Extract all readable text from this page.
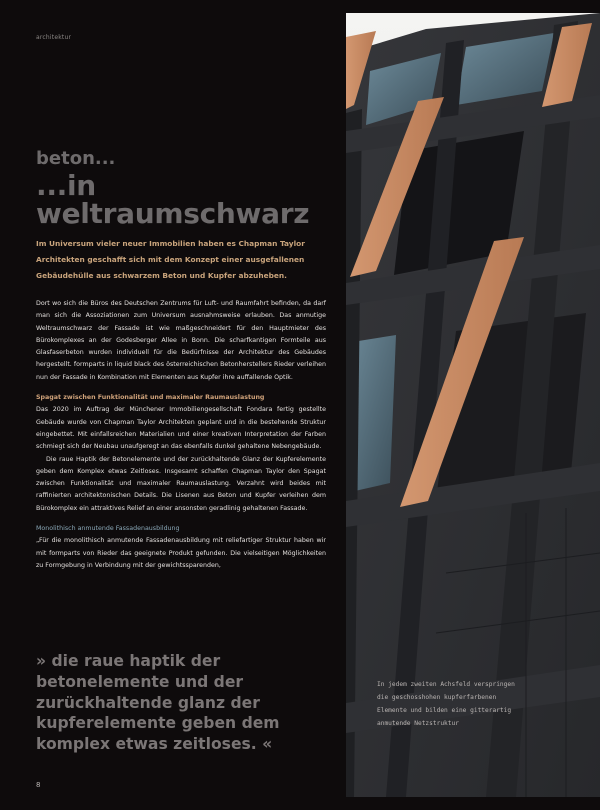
architektur
beton...
...in weltraumschwarz
Im Universum vieler neuer Immobilien haben es Chapman Taylor Architekten geschafft sich mit dem Konzept einer ausgefallenen Gebäudehülle aus schwarzem Beton und Kupfer abzuheben.

Dort wo sich die Büros des Deutschen Zentrums für Luft- und Raumfahrt befinden, da darf man sich die Assoziationen zum Universum ausnahmsweise erlauben. Das anmutige Weltraumschwarz der Fassade ist wie maßgeschneidert für den Hauptmieter des Bürokomplexes an der Godesberger Allee in Bonn. Die scharfkantigen Formteile aus Glasfaserbeton wurden individuell für die Bedürfnisse der Architektur des Gebäudes hergestellt. formparts in liquid black des österreichischen Betonherstellers Rieder verleihen nun der Fassade in Kombination mit Elementen aus Kupfer ihre auffallende Optik.

Spagat zwischen Funktionalität und maximaler Raumauslastung

Das 2020 im Auftrag der Münchener Immobiliengesellschaft Fondara fertig gestellte Gebäude wurde von Chapman Taylor Architekten geplant und in die bestehende Struktur eingebettet. Mit einfallsreichen Materialien und einer kreativen Interpretation der Farben schmiegt sich der Neubau unaufgeregt an das ebenfalls dunkel gehaltene Nebengebäude.

Die raue Haptik der Betonelemente und der zurückhaltende Glanz der Kupferelemente geben dem Komplex etwas Zeitloses. Insgesamt schaffen Chapman Taylor den Spagat zwischen Funktionalität und maximaler Raumauslastung. Verzahnt wird beides mit raffinierten architektonischen Details. Die Lisenen aus Beton und Kupfer verleihen dem Bürokomplex ein attraktives Relief an einer ansonsten geradlinig gehaltenen Fassade.

Monolithisch anmutende Fassadenausbildung

„Für die monolithisch anmutende Fassadenausbildung mit reliefartiger Struktur haben wir mit formparts von Rieder das geeignete Produkt gefunden. Die vielseitigen Möglichkeiten zu Formgebung in Verbindung mit der gewichtssparenden,

» die raue haptik der betonelemente und der zurückhaltende glanz der kupferelemente geben dem komplex etwas zeitloses. «
8
In jedem zweiten Achsfeld verspringen die geschosshohen kupferfarbenen Elemente und bilden eine gitterartig anmutende Netzstruktur
